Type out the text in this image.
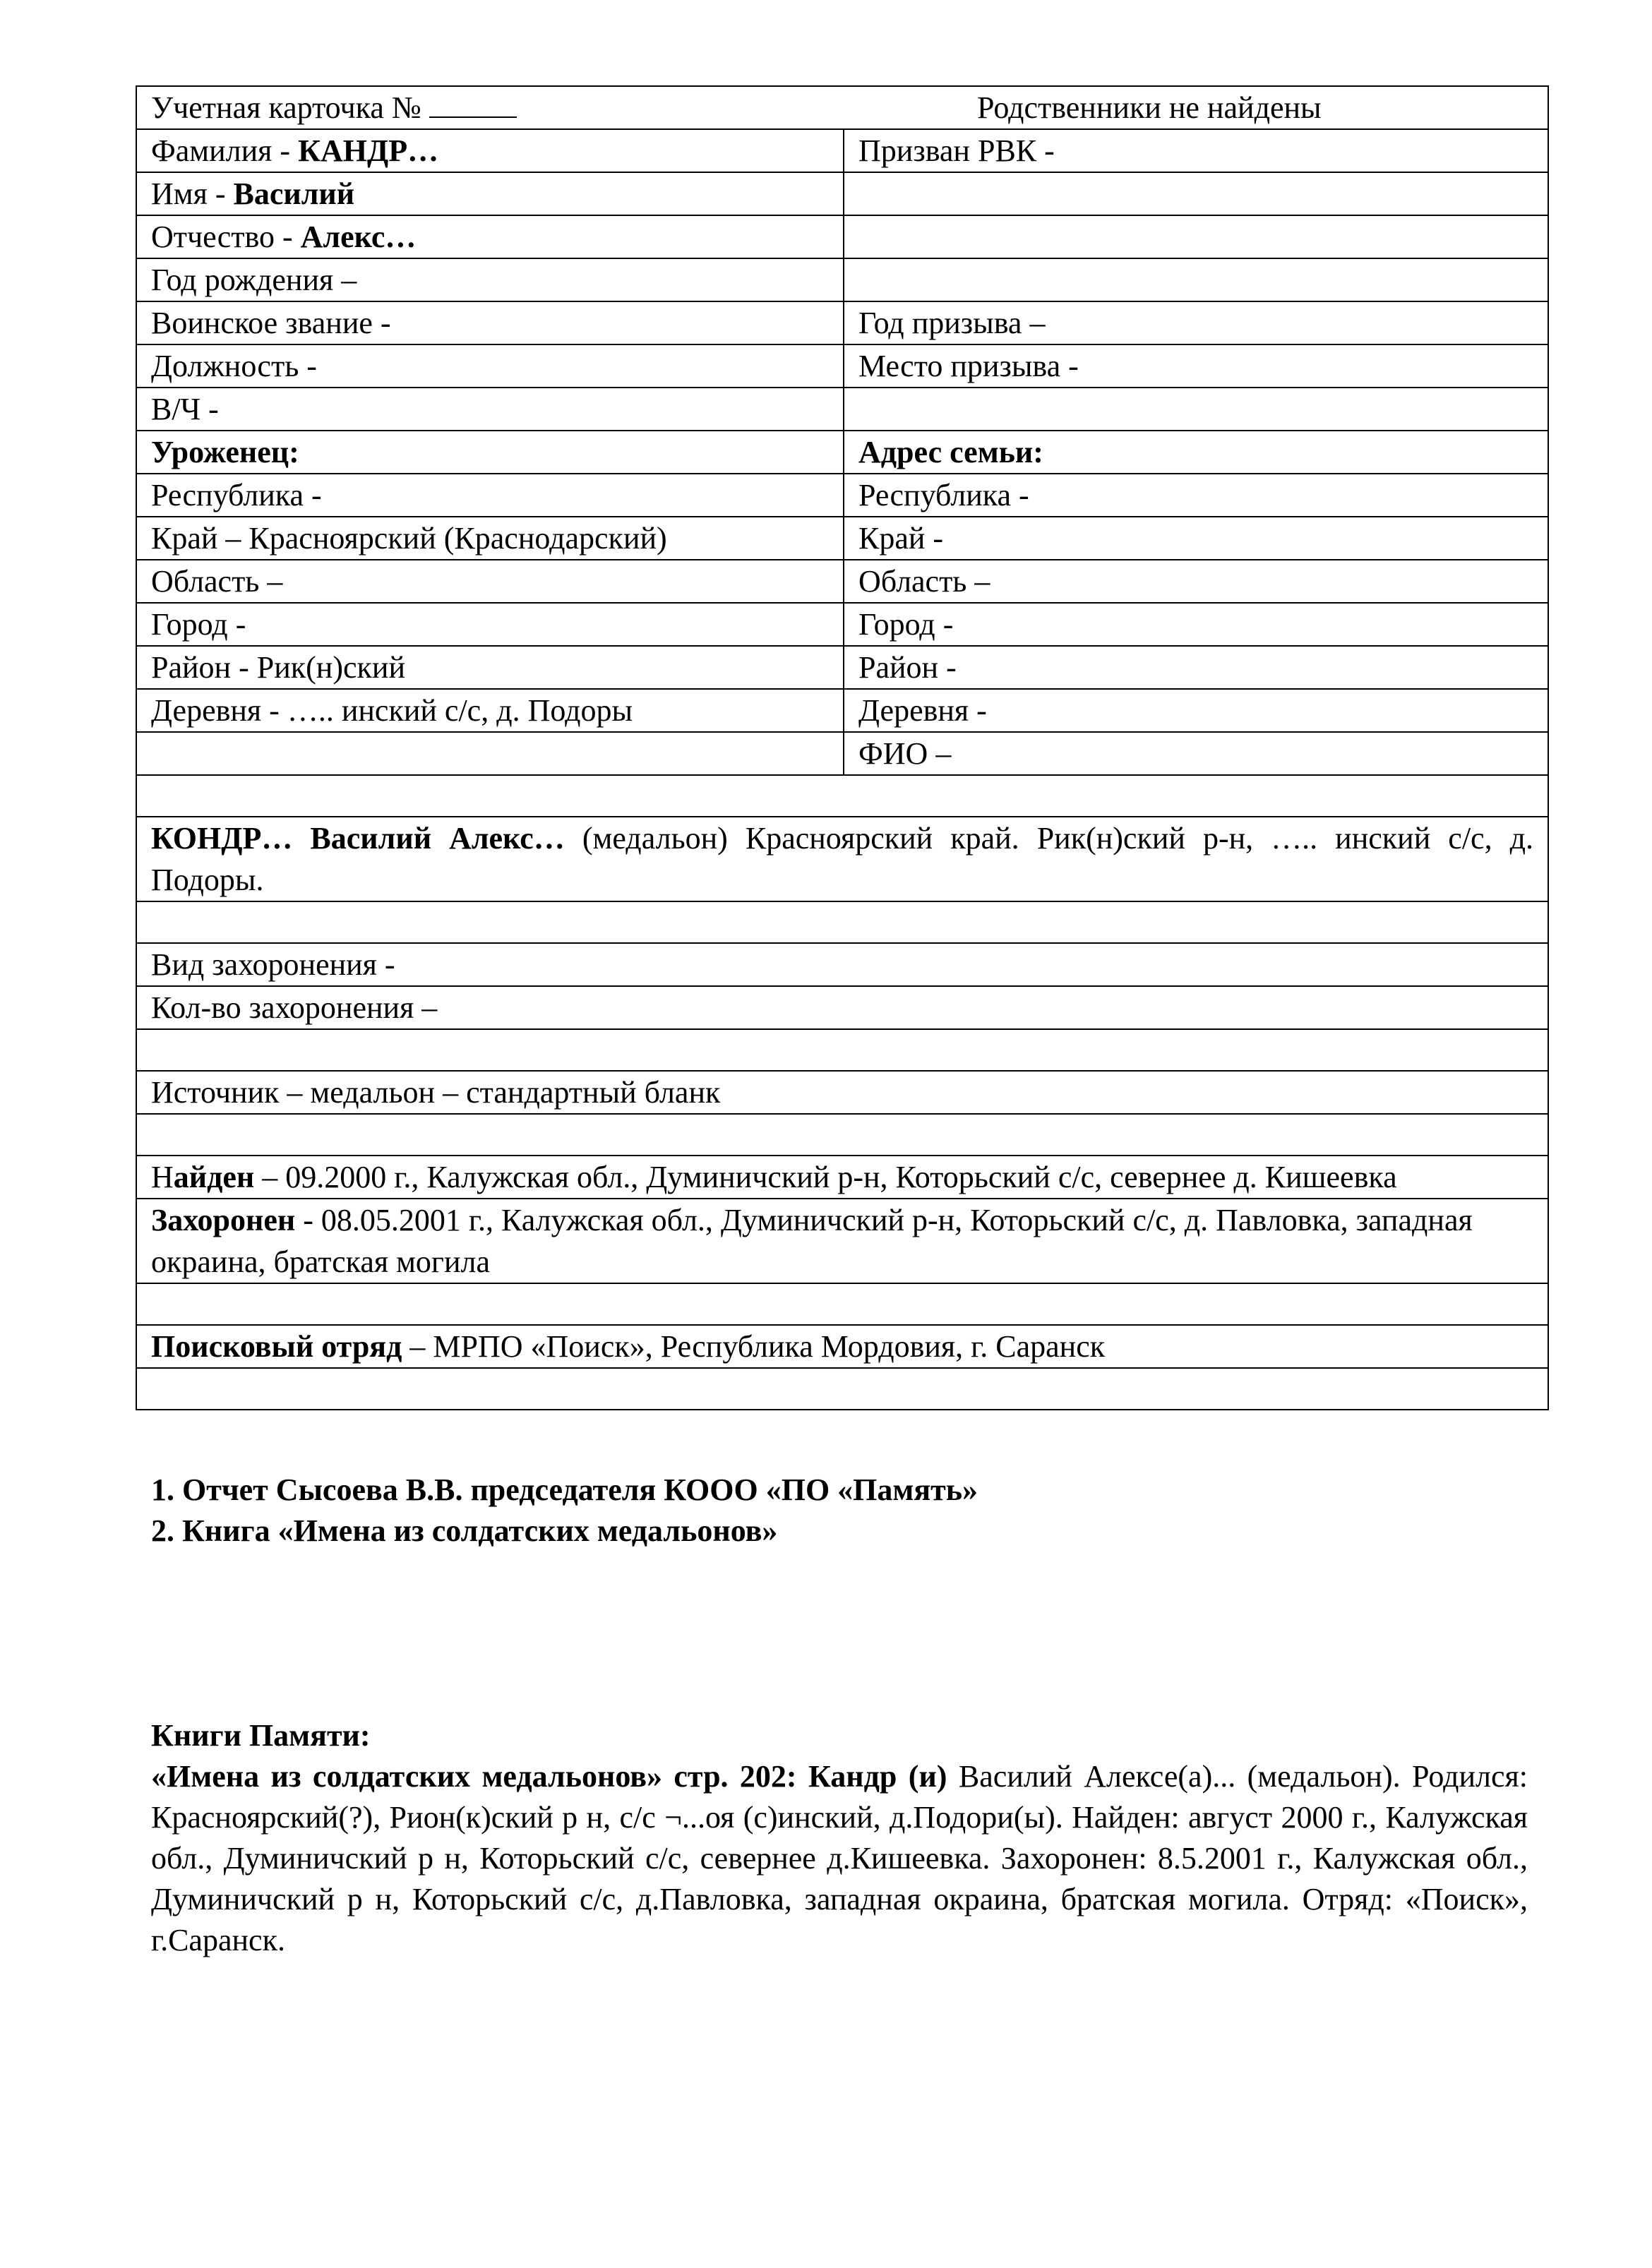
Учетная карточка № Родственники не найдены	
Фамилия - КАНДР…	Призван РВК -
Имя - Василий	
Отчество - Алекс…	
Год рождения –	
Воинское звание -	Год призыва –
Должность -	Место призыва -
В/Ч -	
Уроженец:	Адрес семьи:
Республика -	Республика -
Край – Красноярский (Краснодарский)	Край -
Область –	Область –
Город -	Город -
Район - Рик(н)ский	Район -
Деревня - ….. инский с/с, д. Подоры	Деревня -
	ФИО –

КОНДР… Василий Алекс… (медальон) Красноярский край. Рик(н)ский р-н, ….. инский с/с, д. Подоры.	

Вид захоронения -	
Кол-во захоронения –	

Источник – медальон – стандартный бланк	

Найден – 09.2000 г., Калужская обл., Думиничский р-н, Которьский с/с, севернее д. Кишеевка	
Захоронен - 08.05.2001 г., Калужская обл., Думиничский р-н, Которьский с/с, д. Павловка, западная окраина, братская могила	

Поисковый отряд – МРПО «Поиск», Республика Мордовия, г. Саранск	

1. Отчет Сысоева В.В. председателя КООО «ПО «Память»
2. Книга «Имена из солдатских медальонов»
Книги Памяти:
«Имена из солдатских медальонов» стр. 202: Кандр (и) Василий Алексе(а)... (медальон). Родился: Красноярский(?), Рион(к)ский р н, с/с ¬...оя (с)инский, д.Подори(ы). Найден: август 2000 г., Калужская обл., Думиничский р н, Которьский с/с, севернее д.Кишеевка. Захоронен: 8.5.2001 г., Калужская обл., Думиничский р н, Которьский с/с, д.Павловка, западная окраина, братская могила. Отряд: «Поиск», г.Саранск.
